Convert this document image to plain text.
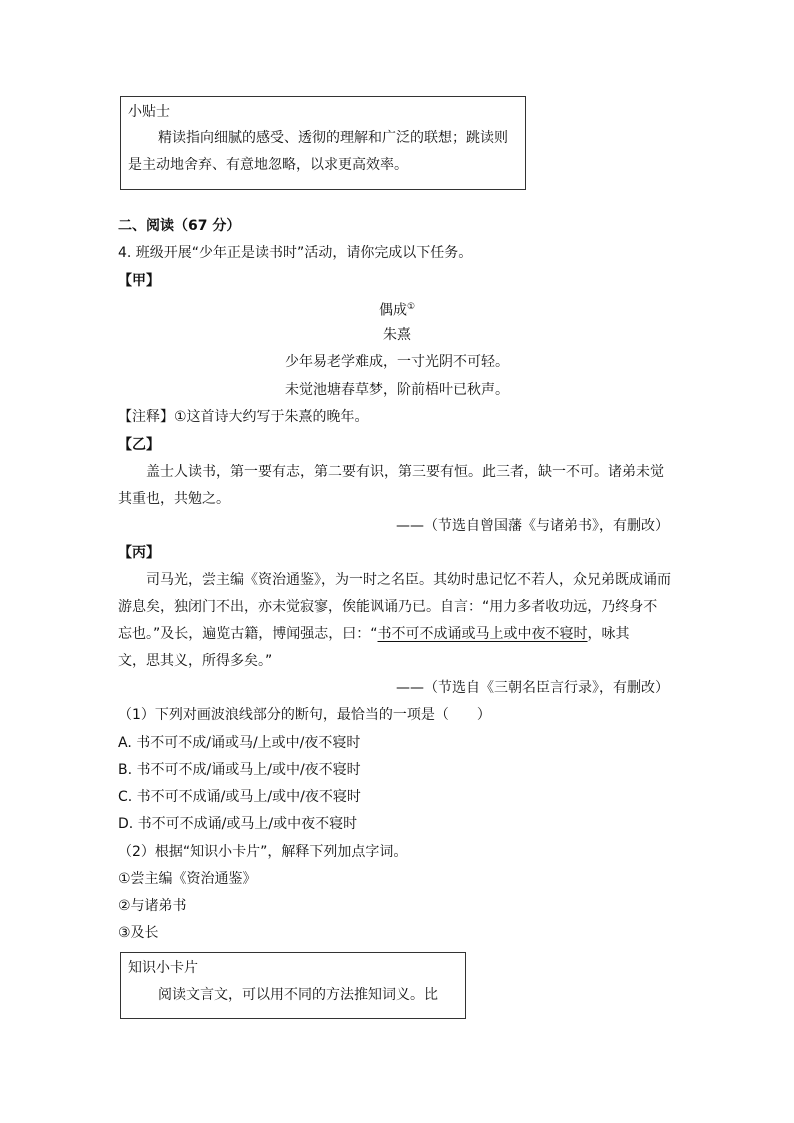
小贴士
精读指向细腻的感受、透彻的理解和广泛的联想；跳读则
是主动地舍弃、有意地忽略，以求更高效率。
二、阅读（67 分）
4. 班级开展“少年正是读书时”活动，请你完成以下任务。
【甲】
偶成①
朱熹
少年易老学难成，一寸光阴不可轻。
未觉池塘春草梦，阶前梧叶已秋声。
【注释】①这首诗大约写于朱熹的晚年。
【乙】
盖士人读书，第一要有志，第二要有识，第三要有恒。此三者，缺一不可。诸弟未觉
其重也，共勉之。
——（节选自曾国藩《与诸弟书》，有删改）
【丙】
司马光，尝主编《资治通鉴》，为一时之名臣。其幼时患记忆不若人，众兄弟既成诵而
游息矣，独闭门不出，亦未觉寂寥，俟能讽诵乃已。自言：“用力多者收功远，乃终身不
忘也。”及长，遍览古籍，博闻强志，曰：“书不可不成诵或马上或中夜不寝时，咏其
文，思其义，所得多矣。”
——（节选自《三朝名臣言行录》，有删改）
（1）下列对画波浪线部分的断句，最恰当的一项是（　　）
A. 书不可不成/诵或马/上或中/夜不寝时
B. 书不可不成/诵或马上/或中/夜不寝时
C. 书不可不成诵/或马上/或中/夜不寝时
D. 书不可不成诵/或马上/或中夜不寝时
（2）根据“知识小卡片”，解释下列加点字词。
①尝主编《资治通鉴》
②与诸弟书
③及长
知识小卡片
阅读文言文，可以用不同的方法推知词义。比
